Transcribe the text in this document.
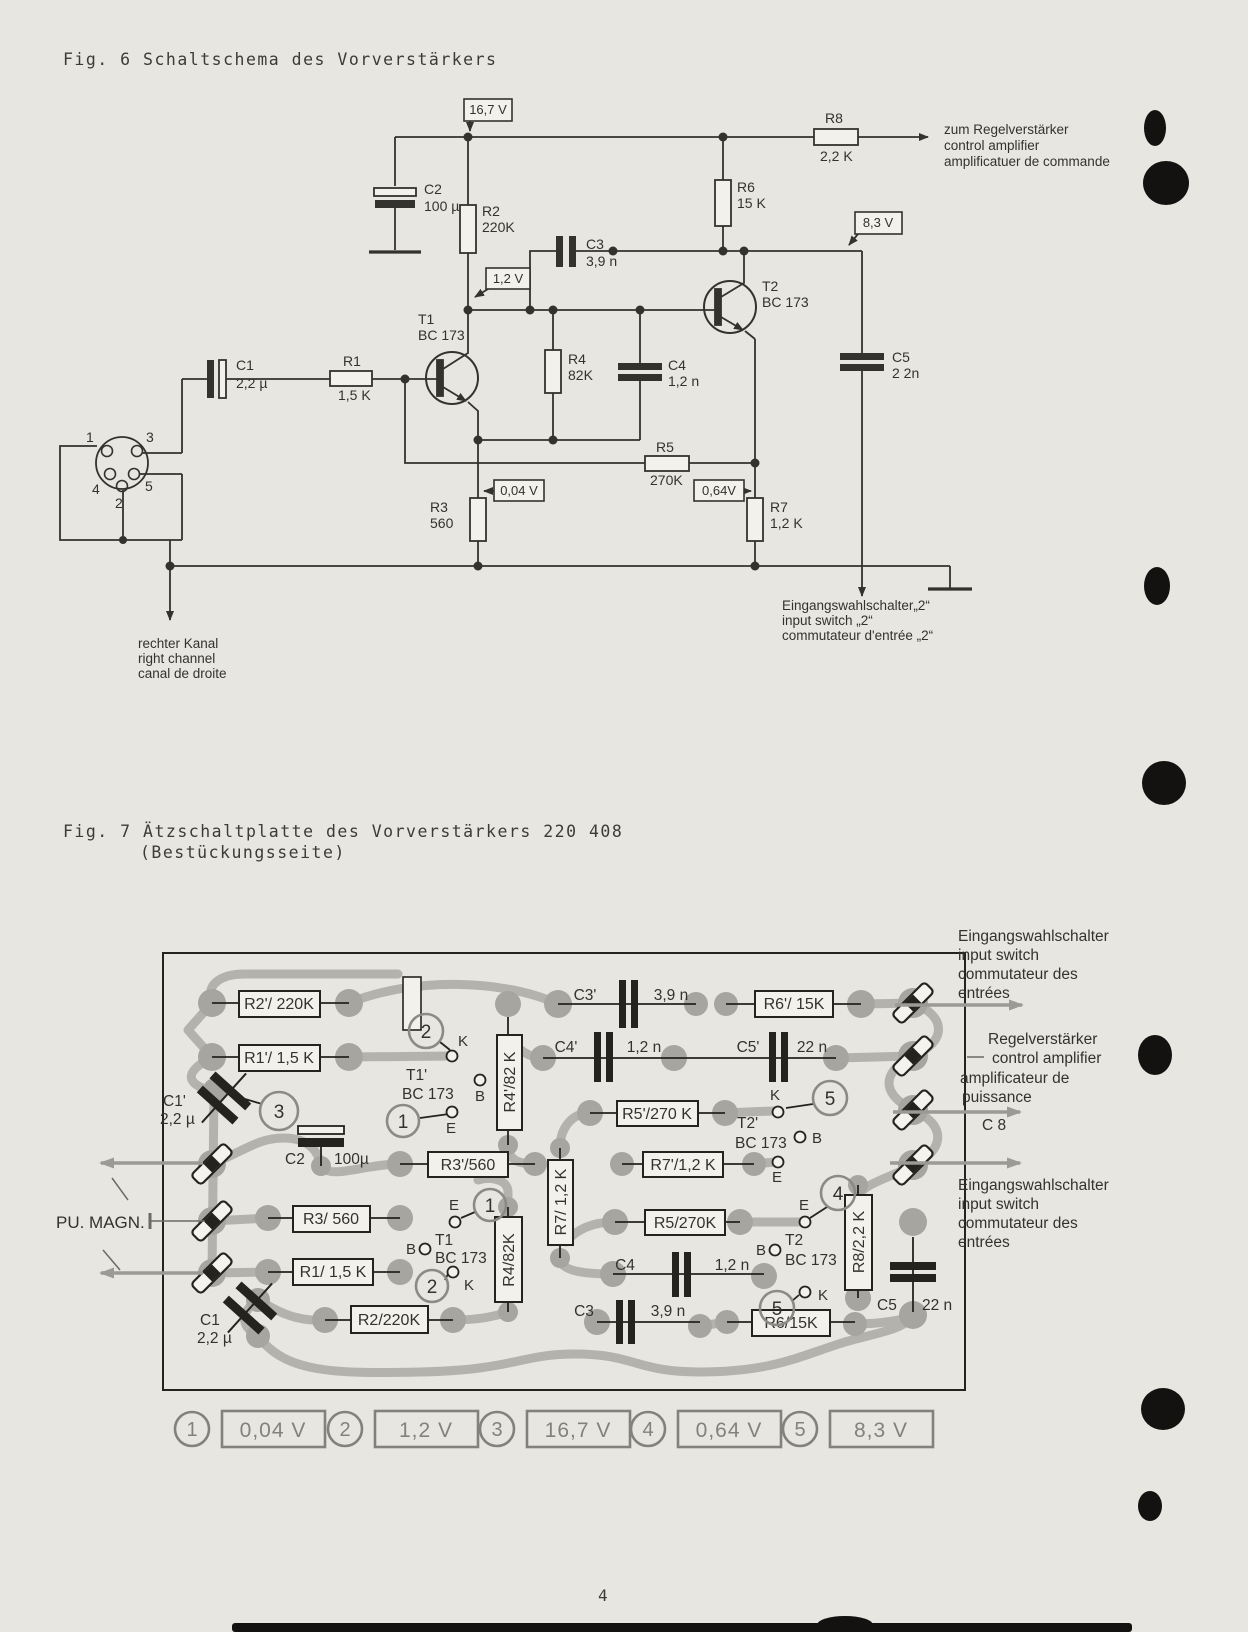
Fig. 6 Schaltschema des Vorverstärkers
16,7 V
1,2 V
8,3 V
0,04 V	0,64V
C2
100 µ R2
220K
R6
15 K
R8
2,2 K
C3
3,9 n
T2
BC 173
T1
BC 173
C1
2,2 µ
R1
1,5 K
R4
82K
C4
1,2 n
C5
2 2n
R5
270K
R3
560
R7
1,2 K
1	3
4	5
2
zum Regelverstärker
control amplifier
amplificatuer de commande
rechter Kanal
right channel
canal de droite
Eingangswahlschalter„2“
input switch „2“
commutateur d'entrée „2“
Fig. 7 Ätzschaltplatte des Vorverstärkers 220 408
(Bestückungsseite)
R2'/ 220K
R1'/ 1,5 K
R6'/ 15K
R3'/560
R5'/270 K
R7'/1,2 K
R3/ 560
R1/ 1,5 K
R2/220K
R5/270K
R6/15K
R4'/82 K
R7/ 1,2 K
R4/82K	R8/2,2 K
C3'	3,9 n
C4'	1,2 n	C5' 22 n
C1'
2,2 µ
C2 100µ
T1'
BC 173
T2'
BC 173
T1
BC 173
T2
BC 173
C4	1,2 n
C3	3,9 n
C1
2,2 µ
C5 22 n
K
B
E
K
B
E
E
B
K
E
B
K
2
3	1
5
1
2
5
4
Eingangswahlschalter
input switch
commutateur des
entrées
Regelverstärker
control amplifier
amplificateur de
puissance
C 8
Eingangswahlschalter
input switch
commutateur des
entrées
PU. MAGN.
1 0,04 V 2 1,2 V 3 16,7 V 4 0,64 V 5 8,3 V
4
